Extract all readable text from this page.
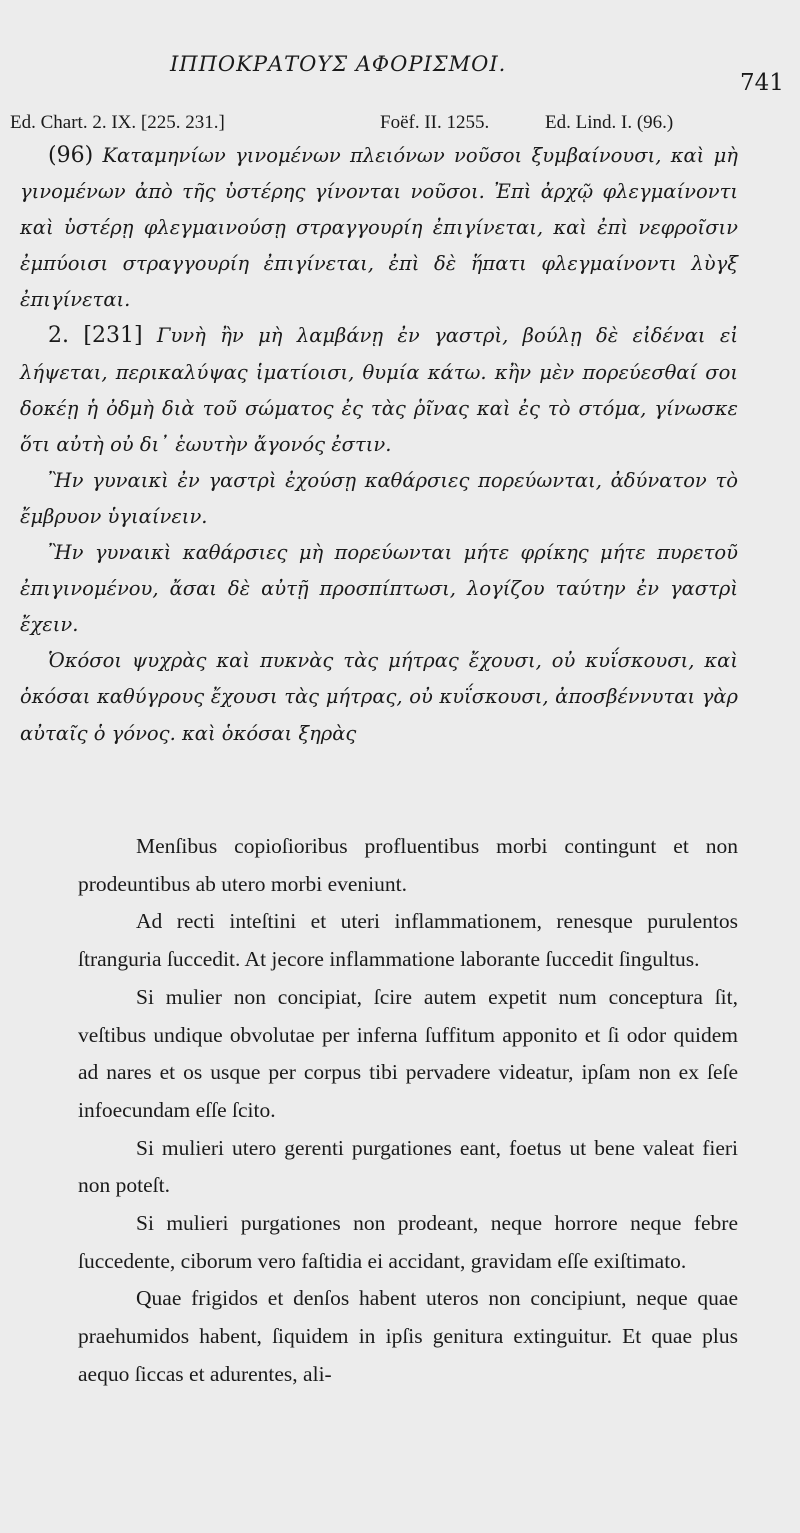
ΙΠΠΟΚΡΑΤΟΥΣ ΑΦΟΡΙΣΜΟΙ.
741
Ed. Chart. 2. IX. [225. 231.]	Foëf. II. 1255.	Ed. Lind. I. (96.)

(96) Καταμηνίων γινομένων πλειόνων νοῦσοι ξυμβαίνουσι, καὶ μὴ γινομένων ἀπὸ τῆς ὑστέρης γίνονται νοῦσοι. Ἐπὶ ἀρχῷ φλεγμαίνοντι καὶ ὑστέρῃ φλεγμαινούσῃ στραγγουρίη ἐπιγίνεται, καὶ ἐπὶ νεφροῖσιν ἐμπύοισι στραγγουρίη ἐπιγίνεται, ἐπὶ δὲ ἥπατι φλεγμαίνοντι λὺγξ ἐπιγίνεται.

2. [231] Γυνὴ ἢν μὴ λαμβάνῃ ἐν γαστρὶ, βούλῃ δὲ εἰδέναι εἰ λήψεται, περικαλύψας ἱματίοισι, θυμία κάτω. κἢν μὲν πορεύεσθαί σοι δοκέῃ ἡ ὀδμὴ διὰ τοῦ σώματος ἐς τὰς ῥῖνας καὶ ἐς τὸ στόμα, γίνωσκε ὅτι αὐτὴ οὐ δι᾽ ἑωυτὴν ἄγονός ἐστιν.

Ἢν γυναικὶ ἐν γαστρὶ ἐχούσῃ καθάρσιες πορεύωνται, ἀδύνατον τὸ ἔμβρυον ὑγιαίνειν.

Ἢν γυναικὶ καθάρσιες μὴ πορεύωνται μήτε φρίκης μήτε πυρετοῦ ἐπιγινομένου, ἄσαι δὲ αὐτῇ προσπίπτωσι, λογίζου ταύτην ἐν γαστρὶ ἔχειν.

Ὁκόσοι ψυχρὰς καὶ πυκνὰς τὰς μήτρας ἔχουσι, οὐ κυΐσκουσι, καὶ ὁκόσαι καθύγρους ἔχουσι τὰς μήτρας, οὐ κυΐσκουσι, ἀποσβέννυται γὰρ αὐταῖς ὁ γόνος. καὶ ὁκόσαι ξηρὰς

Menſibus copioſioribus profluentibus morbi contingunt et non prodeuntibus ab utero morbi eveniunt.

Ad recti inteſtini et uteri inflammationem, renesque purulentos ſtranguria ſuccedit. At jecore inflammatione laborante ſuccedit ſingultus.

Si mulier non concipiat, ſcire autem expetit num conceptura ſit, veſtibus undique obvolutae per inferna ſuffitum apponito et ſi odor quidem ad nares et os usque per corpus tibi pervadere videatur, ipſam non ex ſeſe infoecundam eſſe ſcito.

Si mulieri utero gerenti purgationes eant, foetus ut bene valeat fieri non poteſt.

Si mulieri purgationes non prodeant, neque horrore neque febre ſuccedente, ciborum vero faſtidia ei accidant, gravidam eſſe exiſtimato.

Quae frigidos et denſos habent uteros non concipiunt, neque quae praehumidos habent, ſiquidem in ipſis genitura extinguitur. Et quae plus aequo ſiccas et adurentes, ali-
